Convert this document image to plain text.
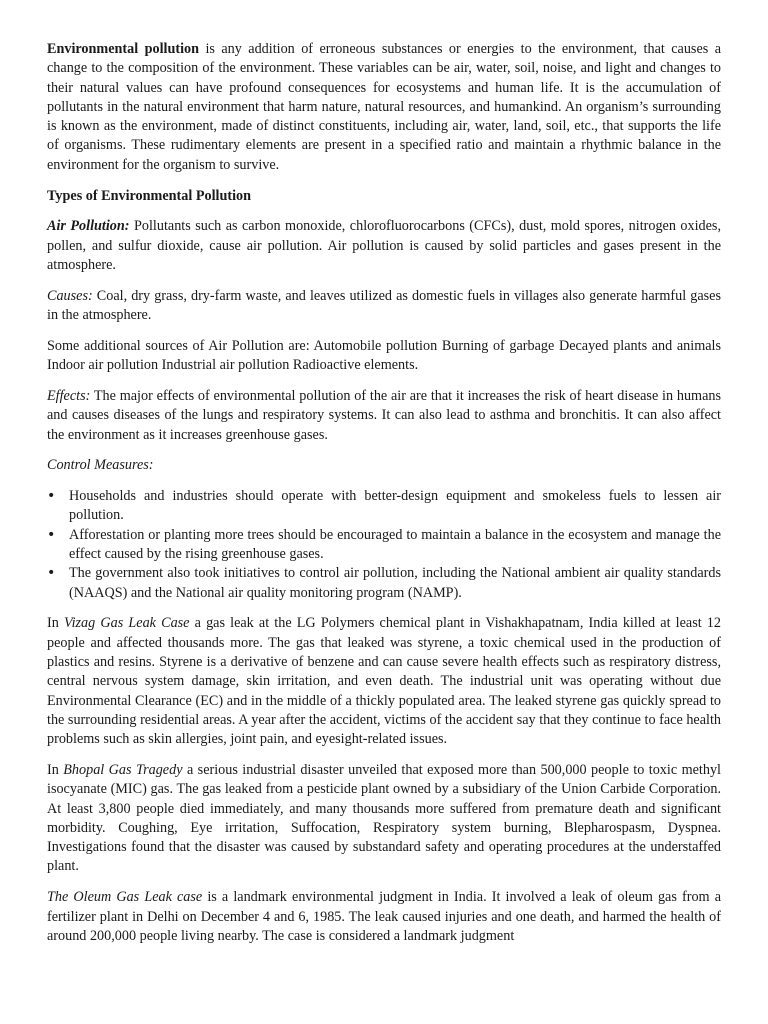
Environmental pollution is any addition of erroneous substances or energies to the environment, that causes a change to the composition of the environment. These variables can be air, water, soil, noise, and light and changes to their natural values can have profound consequences for ecosystems and human life. It is the accumulation of pollutants in the natural environment that harm nature, natural resources, and humankind. An organism’s surrounding is known as the environment, made of distinct constituents, including air, water, land, soil, etc., that supports the life of organisms. These rudimentary elements are present in a specified ratio and maintain a rhythmic balance in the environment for the organism to survive.

Types of Environmental Pollution

Air Pollution: Pollutants such as carbon monoxide, chlorofluorocarbons (CFCs), dust, mold spores, nitrogen oxides, pollen, and sulfur dioxide, cause air pollution. Air pollution is caused by solid particles and gases present in the atmosphere.

Causes: Coal, dry grass, dry-farm waste, and leaves utilized as domestic fuels in villages also generate harmful gases in the atmosphere.

Some additional sources of Air Pollution are: Automobile pollution Burning of garbage Decayed plants and animals Indoor air pollution Industrial air pollution Radioactive elements.

Effects: The major effects of environmental pollution of the air are that it increases the risk of heart disease in humans and causes diseases of the lungs and respiratory systems. It can also lead to asthma and bronchitis. It can also affect the environment as it increases greenhouse gases.

Control Measures:

• Households and industries should operate with better-design equipment and smokeless fuels to lessen air pollution.
• Afforestation or planting more trees should be encouraged to maintain a balance in the ecosystem and manage the effect caused by the rising greenhouse gases.
• The government also took initiatives to control air pollution, including the National ambient air quality standards (NAAQS) and the National air quality monitoring program (NAMP).

In Vizag Gas Leak Case a gas leak at the LG Polymers chemical plant in Vishakhapatnam, India killed at least 12 people and affected thousands more. The gas that leaked was styrene, a toxic chemical used in the production of plastics and resins. Styrene is a derivative of benzene and can cause severe health effects such as respiratory distress, central nervous system damage, skin irritation, and even death. The industrial unit was operating without due Environmental Clearance (EC) and in the middle of a thickly populated area. The leaked styrene gas quickly spread to the surrounding residential areas. A year after the accident, victims of the accident say that they continue to face health problems such as skin allergies, joint pain, and eyesight-related issues.

In Bhopal Gas Tragedy a serious industrial disaster unveiled that exposed more than 500,000 people to toxic methyl isocyanate (MIC) gas. The gas leaked from a pesticide plant owned by a subsidiary of the Union Carbide Corporation. At least 3,800 people died immediately, and many thousands more suffered from premature death and significant morbidity. Coughing, Eye irritation, Suffocation, Respiratory system burning, Blepharospasm, Dyspnea. Investigations found that the disaster was caused by substandard safety and operating procedures at the understaffed plant.

The Oleum Gas Leak case is a landmark environmental judgment in India. It involved a leak of oleum gas from a fertilizer plant in Delhi on December 4 and 6, 1985. The leak caused injuries and one death, and harmed the health of around 200,000 people living nearby. The case is considered a landmark judgment
